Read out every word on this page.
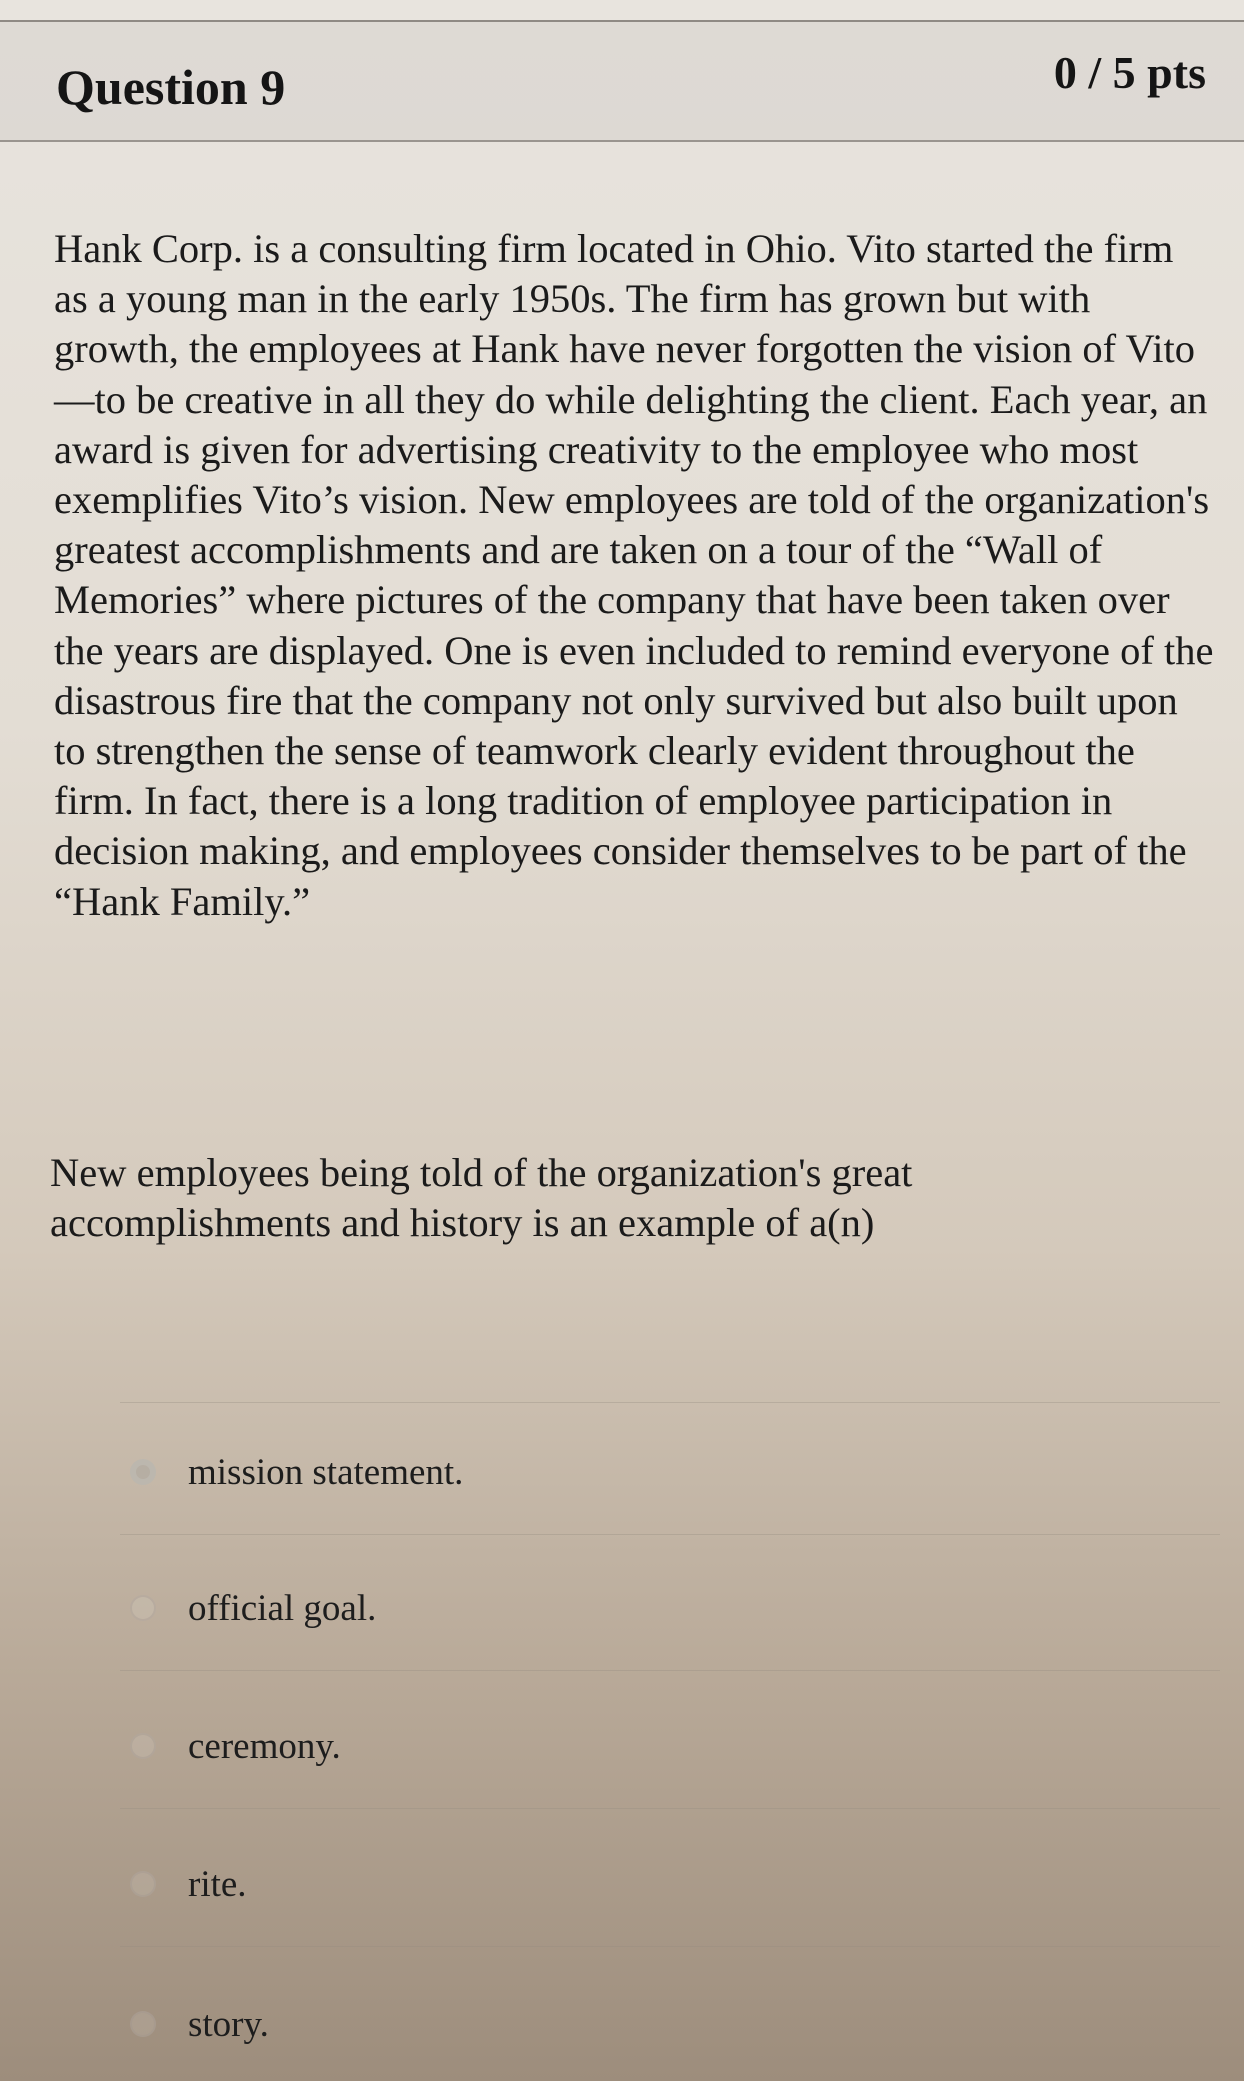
Question 9	0 / 5 pts

Hank Corp. is a consulting firm located in Ohio. Vito started the firm as a young man in the early 1950s. The firm has grown but with growth, the employees at Hank have never forgotten the vision of Vito—to be creative in all they do while delighting the client. Each year, an award is given for advertising creativity to the employee who most exemplifies Vito’s vision. New employees are told of the organization's greatest accomplishments and are taken on a tour of the “Wall of Memories” where pictures of the company that have been taken over the years are displayed. One is even included to remind everyone of the disastrous fire that the company not only survived but also built upon to strengthen the sense of teamwork clearly evident throughout the firm. In fact, there is a long tradition of employee participation in decision making, and employees consider themselves to be part of the “Hank Family.”

New employees being told of the organization's great accomplishments and history is an example of a(n)

mission statement.
official goal.
ceremony.
rite.
story.
